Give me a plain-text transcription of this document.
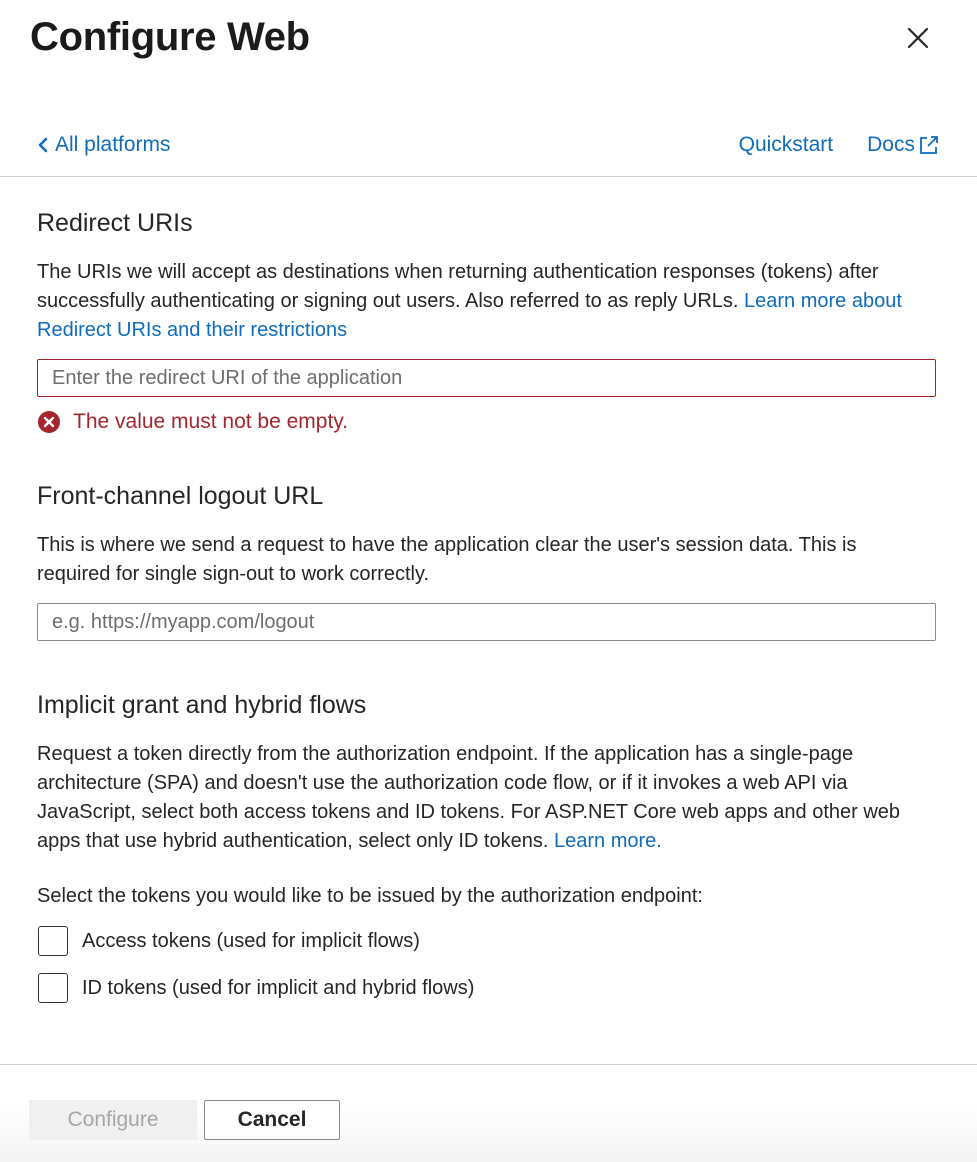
Configure Web
All platforms	Quickstart Docs
Redirect URIs
The URIs we will accept as destinations when returning authentication responses (tokens) after successfully authenticating or signing out users. Also referred to as reply URLs. Learn more about Redirect URIs and their restrictions
Enter the redirect URI of the application
The value must not be empty.
Front-channel logout URL
This is where we send a request to have the application clear the user's session data. This is required for single sign-out to work correctly.
e.g. https://myapp.com/logout
Implicit grant and hybrid flows
Request a token directly from the authorization endpoint. If the application has a single-page architecture (SPA) and doesn't use the authorization code flow, or if it invokes a web API via JavaScript, select both access tokens and ID tokens. For ASP.NET Core web apps and other web apps that use hybrid authentication, select only ID tokens. Learn more.
Select the tokens you would like to be issued by the authorization endpoint:
Access tokens (used for implicit flows)
ID tokens (used for implicit and hybrid flows)
Configure	Cancel
